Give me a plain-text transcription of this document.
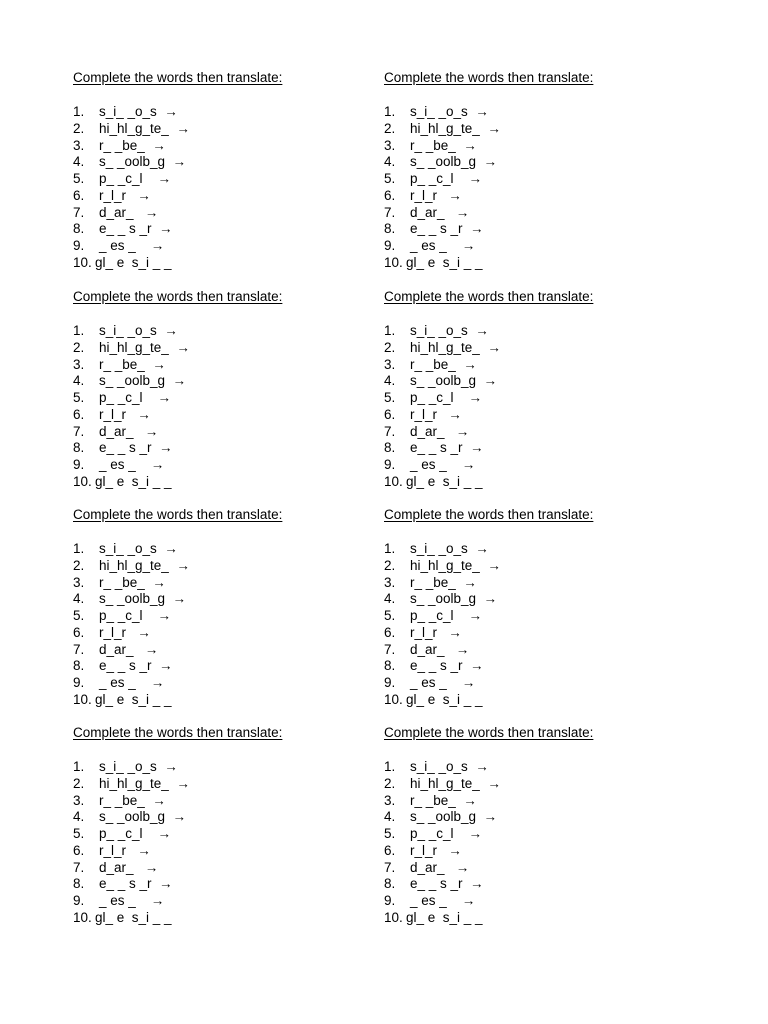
Complete the words then translate:
1. s_i_ _o_s  →
2. hi_hl_g_te_  →
3. r_ _be_  →
4. s_ _oolb_g  →
5. p_ _c_l    →
6. r_l_r   →
7. d_ar_   →
8. e_ _ s _r  →
9. _ es _    →
10. gl_ e  s_i _ _
Complete the words then translate:
1. s_i_ _o_s  →
2. hi_hl_g_te_  →
3. r_ _be_  →
4. s_ _oolb_g  →
5. p_ _c_l    →
6. r_l_r   →
7. d_ar_   →
8. e_ _ s _r  →
9. _ es _    →
10. gl_ e  s_i _ _
Complete the words then translate:
1. s_i_ _o_s  →
2. hi_hl_g_te_  →
3. r_ _be_  →
4. s_ _oolb_g  →
5. p_ _c_l    →
6. r_l_r   →
7. d_ar_   →
8. e_ _ s _r  →
9. _ es _    →
10. gl_ e  s_i _ _
Complete the words then translate:
1. s_i_ _o_s  →
2. hi_hl_g_te_  →
3. r_ _be_  →
4. s_ _oolb_g  →
5. p_ _c_l    →
6. r_l_r   →
7. d_ar_   →
8. e_ _ s _r  →
9. _ es _    →
10. gl_ e  s_i _ _
Complete the words then translate:
1. s_i_ _o_s  →
2. hi_hl_g_te_  →
3. r_ _be_  →
4. s_ _oolb_g  →
5. p_ _c_l    →
6. r_l_r   →
7. d_ar_   →
8. e_ _ s _r  →
9. _ es _    →
10. gl_ e  s_i _ _
Complete the words then translate:
1. s_i_ _o_s  →
2. hi_hl_g_te_  →
3. r_ _be_  →
4. s_ _oolb_g  →
5. p_ _c_l    →
6. r_l_r   →
7. d_ar_   →
8. e_ _ s _r  →
9. _ es _    →
10. gl_ e  s_i _ _
Complete the words then translate:
1. s_i_ _o_s  →
2. hi_hl_g_te_  →
3. r_ _be_  →
4. s_ _oolb_g  →
5. p_ _c_l    →
6. r_l_r   →
7. d_ar_   →
8. e_ _ s _r  →
9. _ es _    →
10. gl_ e  s_i _ _
Complete the words then translate:
1. s_i_ _o_s  →
2. hi_hl_g_te_  →
3. r_ _be_  →
4. s_ _oolb_g  →
5. p_ _c_l    →
6. r_l_r   →
7. d_ar_   →
8. e_ _ s _r  →
9. _ es _    →
10. gl_ e  s_i _ _
